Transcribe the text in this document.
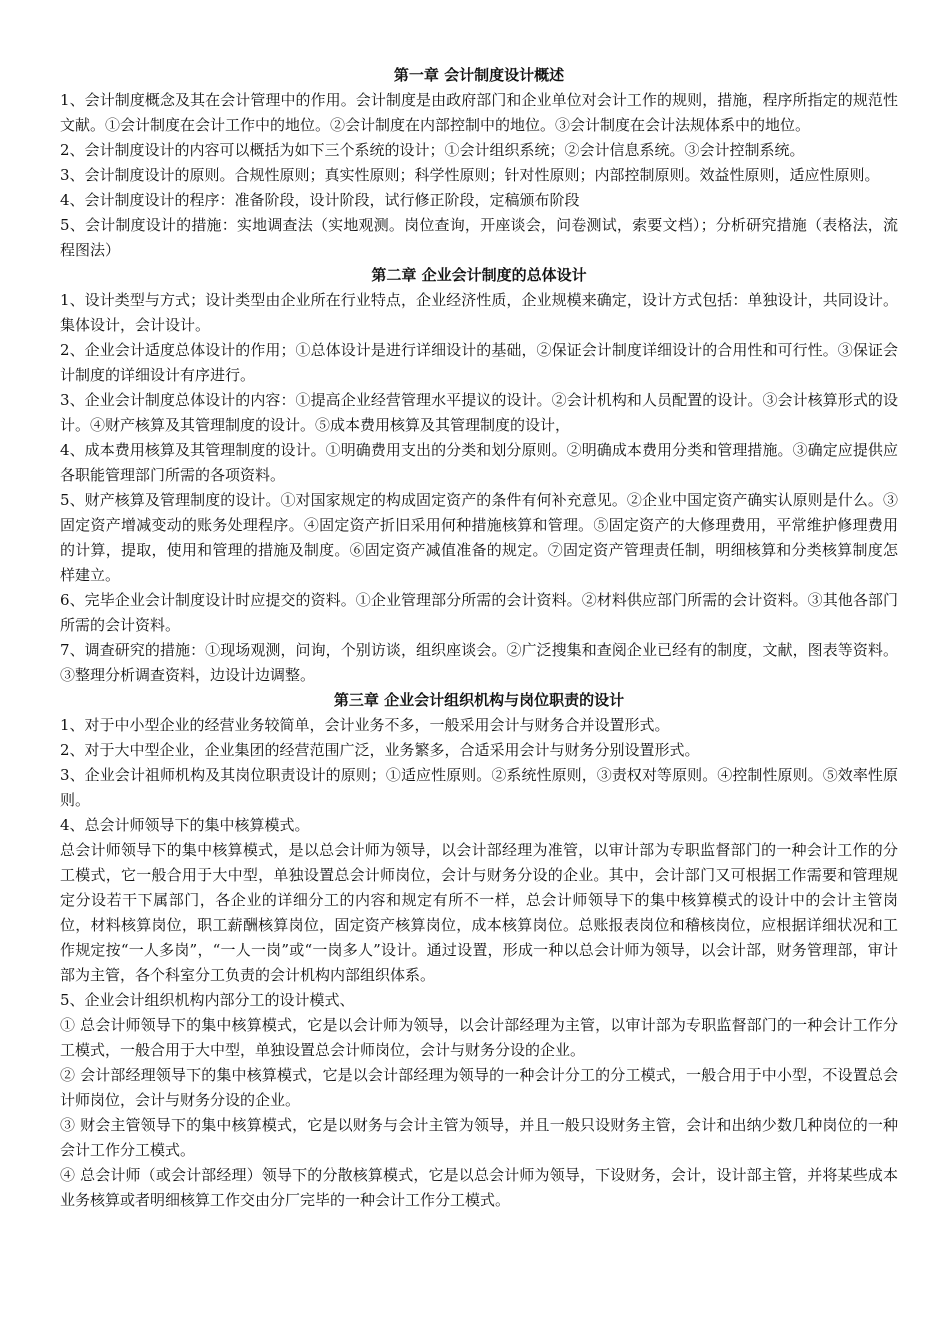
第一章 会计制度设计概述

1、会计制度概念及其在会计管理中的作用。会计制度是由政府部门和企业单位对会计工作的规则，措施，程序所指定的规范性文献。①会计制度在会计工作中的地位。②会计制度在内部控制中的地位。③会计制度在会计法规体系中的地位。

2、会计制度设计的内容可以概括为如下三个系统的设计；①会计组织系统；②会计信息系统。③会计控制系统。

3、会计制度设计的原则。合规性原则；真实性原则；科学性原则；针对性原则；内部控制原则。效益性原则，适应性原则。

4、会计制度设计的程序：准备阶段，设计阶段，试行修正阶段，定稿颁布阶段

5、会计制度设计的措施：实地调查法（实地观测。岗位查询，开座谈会，问卷测试，索要文档）；分析研究措施（表格法，流程图法）

第二章 企业会计制度的总体设计

1、设计类型与方式；设计类型由企业所在行业特点，企业经济性质，企业规模来确定，设计方式包括：单独设计，共同设计。集体设计，会计设计。

2、企业会计适度总体设计的作用；①总体设计是进行详细设计的基础，②保证会计制度详细设计的合用性和可行性。③保证会计制度的详细设计有序进行。

3、企业会计制度总体设计的内容：①提高企业经营管理水平提议的设计。②会计机构和人员配置的设计。③会计核算形式的设计。④财产核算及其管理制度的设计。⑤成本费用核算及其管理制度的设计，

4、成本费用核算及其管理制度的设计。①明确费用支出的分类和划分原则。②明确成本费用分类和管理措施。③确定应提供应各职能管理部门所需的各项资料。

5、财产核算及管理制度的设计。①对国家规定的构成固定资产的条件有何补充意见。②企业中国定资产确实认原则是什么。③固定资产增减变动的账务处理程序。④固定资产折旧采用何种措施核算和管理。⑤固定资产的大修理费用，平常维护修理费用的计算，提取，使用和管理的措施及制度。⑥固定资产减值准备的规定。⑦固定资产管理责任制，明细核算和分类核算制度怎样建立。

6、完毕企业会计制度设计时应提交的资料。①企业管理部分所需的会计资料。②材料供应部门所需的会计资料。③其他各部门所需的会计资料。

7、调查研究的措施：①现场观测，问询，个别访谈，组织座谈会。②广泛搜集和查阅企业已经有的制度，文献，图表等资料。③整理分析调查资料，边设计边调整。

第三章 企业会计组织机构与岗位职责的设计

1、对于中小型企业的经营业务较简单，会计业务不多，一般采用会计与财务合并设置形式。

2、对于大中型企业，企业集团的经营范围广泛，业务繁多，合适采用会计与财务分别设置形式。

3、企业会计祖师机构及其岗位职责设计的原则；①适应性原则。②系统性原则，③责权对等原则。④控制性原则。⑤效率性原则。

4、总会计师领导下的集中核算模式。

总会计师领导下的集中核算模式，是以总会计师为领导，以会计部经理为准管，以审计部为专职监督部门的一种会计工作的分工模式，它一般合用于大中型，单独设置总会计师岗位，会计与财务分设的企业。其中，会计部门又可根据工作需要和管理规定分设若干下属部门，各企业的详细分工的内容和规定有所不一样，总会计师领导下的集中核算模式的设计中的会计主管岗位，材料核算岗位，职工薪酬核算岗位，固定资产核算岗位，成本核算岗位。总账报表岗位和稽核岗位，应根据详细状况和工作规定按“一人多岗”，“一人一岗”或“一岗多人”设计。通过设置，形成一种以总会计师为领导，以会计部，财务管理部，审计部为主管，各个科室分工负责的会计机构内部组织体系。

5、企业会计组织机构内部分工的设计模式、

① 总会计师领导下的集中核算模式，它是以会计师为领导，以会计部经理为主管，以审计部为专职监督部门的一种会计工作分工模式，一般合用于大中型，单独设置总会计师岗位，会计与财务分设的企业。

② 会计部经理领导下的集中核算模式，它是以会计部经理为领导的一种会计分工的分工模式，一般合用于中小型，不设置总会计师岗位，会计与财务分设的企业。

③ 财会主管领导下的集中核算模式，它是以财务与会计主管为领导，并且一般只设财务主管，会计和出纳少数几种岗位的一种会计工作分工模式。

④ 总会计师（或会计部经理）领导下的分散核算模式，它是以总会计师为领导，下设财务，会计，设计部主管，并将某些成本业务核算或者明细核算工作交由分厂完毕的一种会计工作分工模式。
